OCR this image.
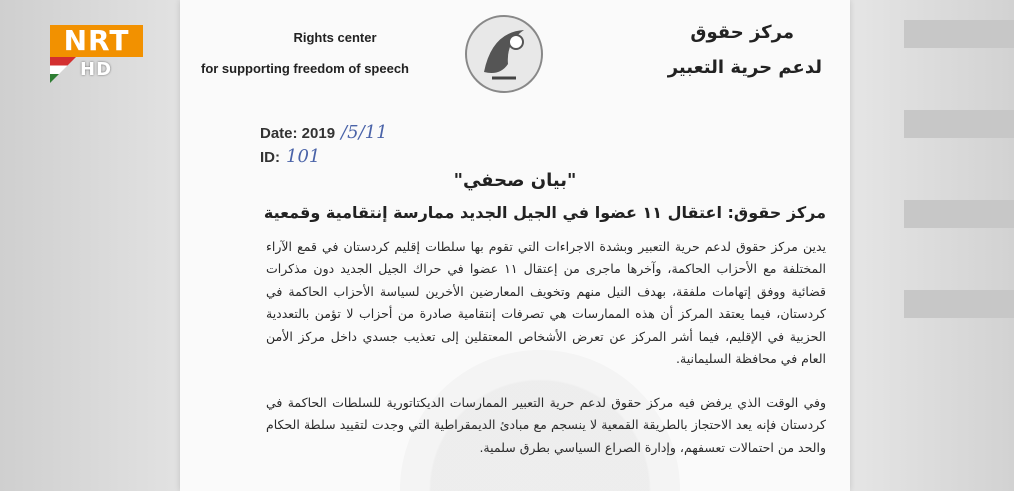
NRT
HD
Rights center
for supporting freedom of speech
مركز حقوق
لدعم حرية التعبير
Date: 2019 /5/11
ID: 101
"بيان صحفي"
مركز حقوق: اعتقال ١١ عضوا في الجيل الجديد ممارسة إنتقامية وقمعية
يدين مركز حقوق لدعم حرية التعبير وبشدة الاجراءات التي تقوم بها سلطات إقليم كردستان في قمع الآراء المختلفة مع الأحزاب الحاكمة، وآخرها ماجرى من إعتقال ١١ عضوا في حراك الجيل الجديد دون مذكرات قضائية ووفق إتهامات ملفقة، بهدف النيل منهم وتخويف المعارضين الأخرين لسياسة الأحزاب الحاكمة في كردستان، فيما يعتقد المركز أن هذه الممارسات هي تصرفات إنتقامية صادرة من أحزاب لا تؤمن بالتعددية الحزبية في الإقليم، فيما أشر المركز عن تعرض الأشخاص المعتقلين إلى تعذيب جسدي داخل مركز الأمن العام في محافظة السليمانية.
وفي الوقت الذي يرفض فيه مركز حقوق لدعم حرية التعبير الممارسات الديكتاتورية للسلطات الحاكمة في كردستان فإنه يعد الاحتجاز بالطريقة القمعية لا ينسجم مع مبادئ الديمقراطية التي وجدت لتقييد سلطة الحكام والحد من احتمالات تعسفهم، وإدارة الصراع السياسي بطرق سلمية.
